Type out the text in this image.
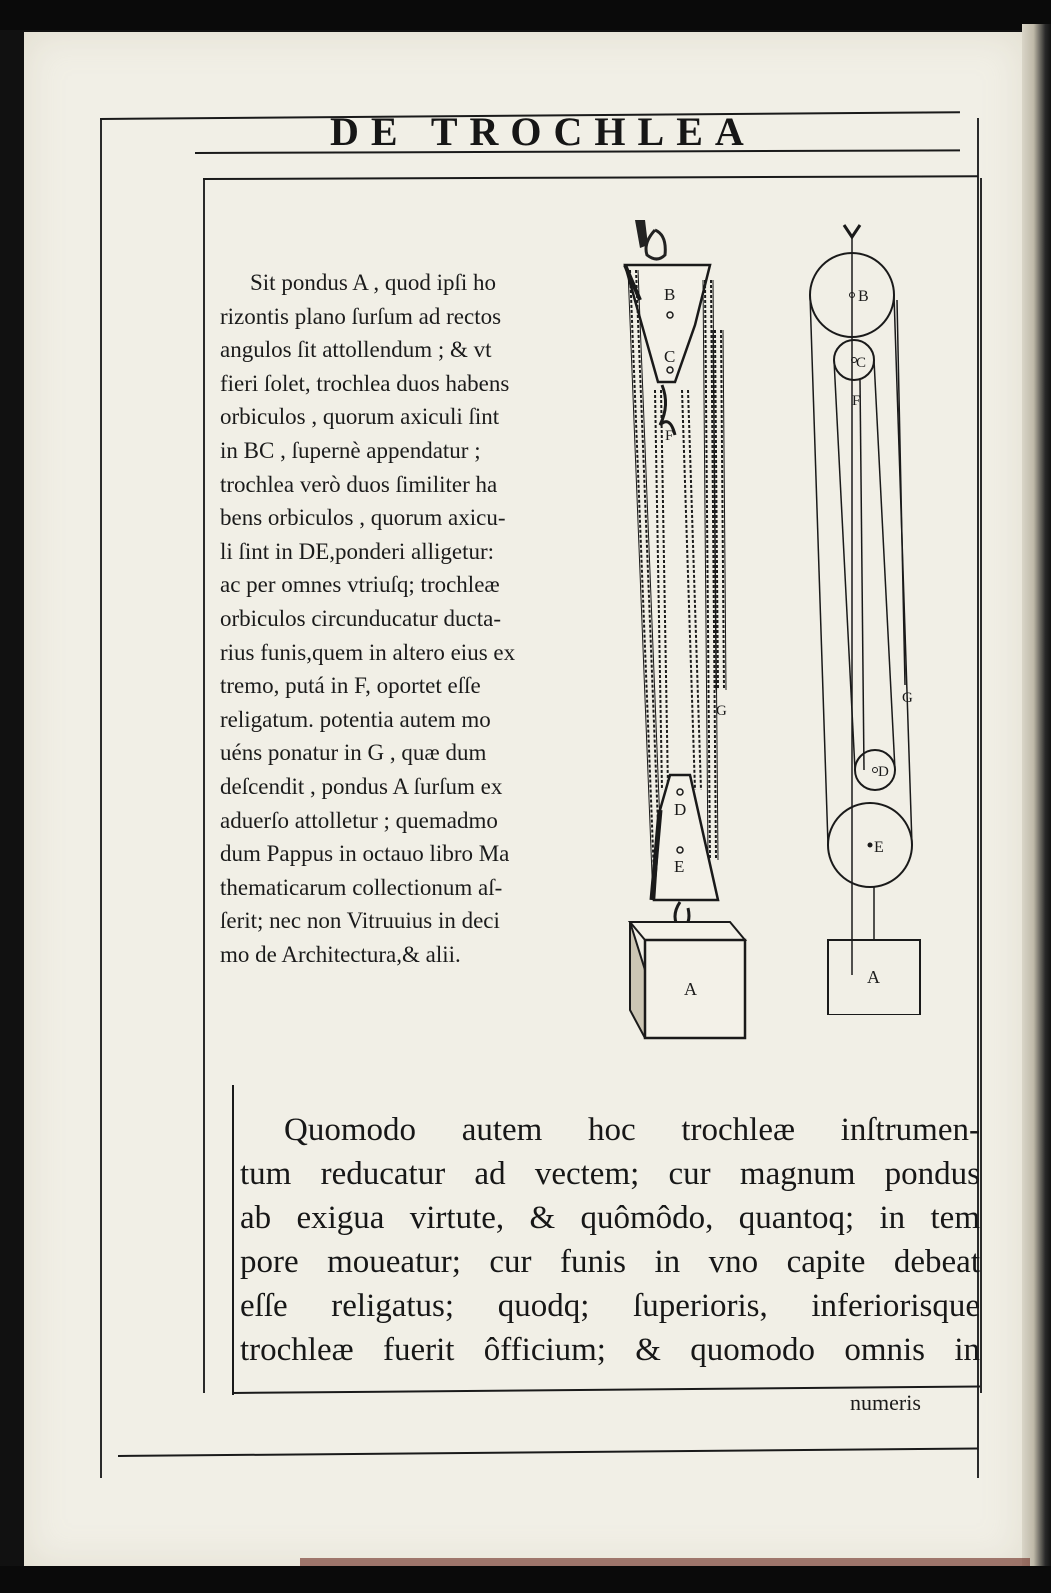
DE TROCHLEA
Sit pondus A , quod ipſi ho
rizontis plano ſurſum ad rectos
angulos ſit attollendum ; & vt
fieri ſolet, trochlea duos habens
orbiculos , quorum axiculi ſint
in BC , ſupernè appendatur ;
trochlea verò duos ſimiliter ha
bens orbiculos , quorum axicu-
li ſint in DE,ponderi alligetur:
ac per omnes vtriuſq; trochleæ
orbiculos circunducatur ducta-
rius funis,quem in altero eius ex
tremo, putá in F, oportet eſſe
religatum. potentia autem mo
uéns ponatur in G , quæ dum
deſcendit , pondus A ſurſum ex
aduerſo attolletur ; quemadmo
dum Pappus in octauo libro Ma
thematicarum collectionum aſ-
ſerit; nec non Vitruuius in deci
mo de Architectura,& alii.
B
C
F
G
D
E
A
B
C
F
G
D
E
A
Quomodo autem hoc trochleæ inſtrumen-
tum reducatur ad vectem; cur magnum pondus
ab exigua virtute, & quômôdo, quantoq; in tem
pore moueatur; cur funis in vno capite debeat
eſſe religatus; quodq; ſuperioris, inferiorisque
trochleæ fuerit ôfficium; & quomodo omnis in
numeris
